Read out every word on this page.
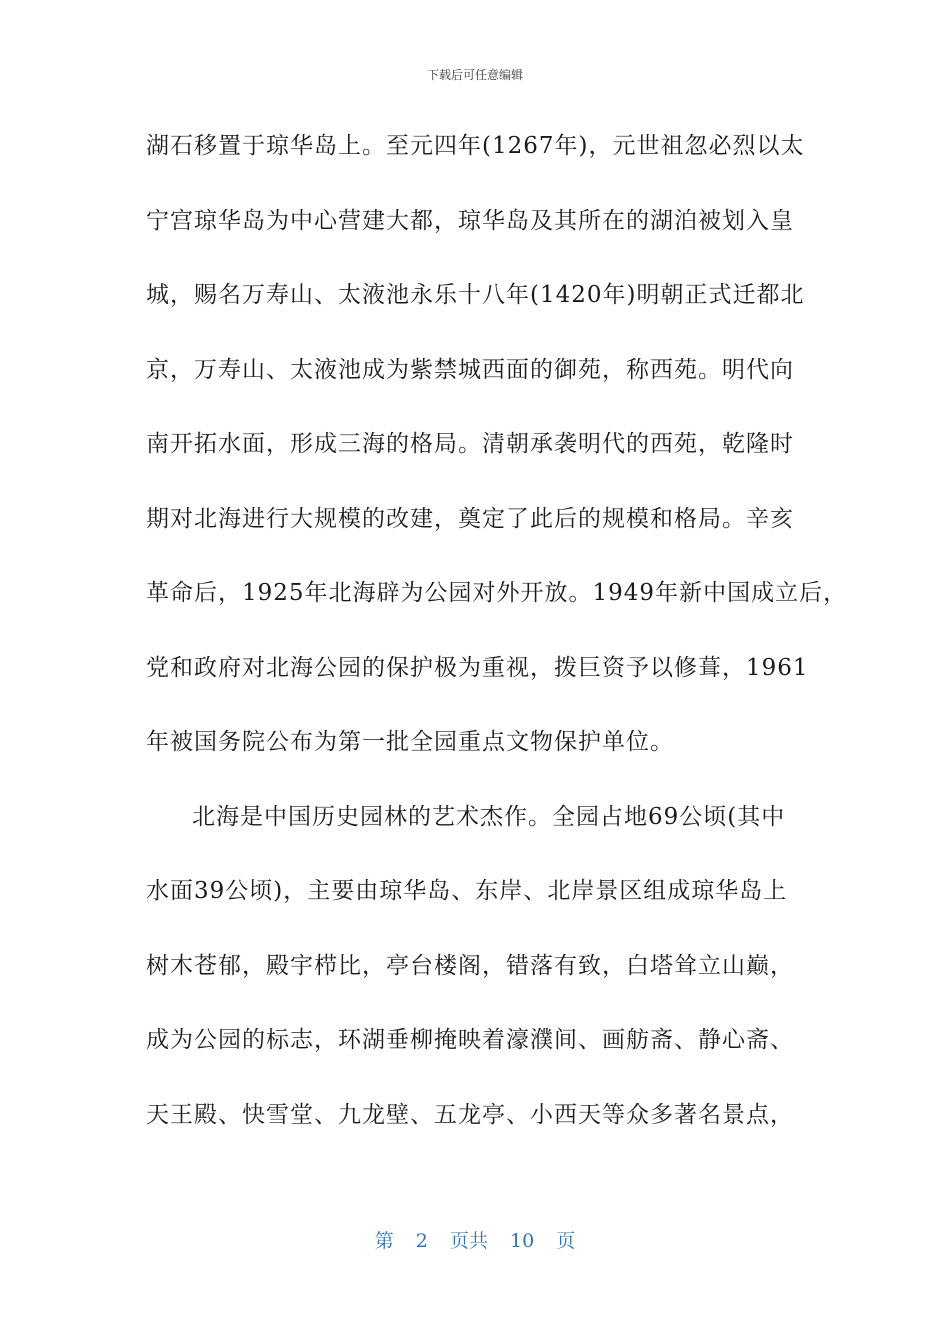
下载后可任意编辑
湖石移置于琼华岛上。至元四年(1267年)，元世祖忽必烈以太
宁宫琼华岛为中心营建大都，琼华岛及其所在的湖泊被划入皇
城，赐名万寿山、太液池永乐十八年(1420年)明朝正式迁都北
京，万寿山、太液池成为紫禁城西面的御苑，称西苑。明代向
南开拓水面，形成三海的格局。清朝承袭明代的西苑，乾隆时
期对北海进行大规模的改建，奠定了此后的规模和格局。辛亥
革命后，1925年北海辟为公园对外开放。1949年新中国成立后，
党和政府对北海公园的保护极为重视，拨巨资予以修葺，1961
年被国务院公布为第一批全园重点文物保护单位。
北海是中国历史园林的艺术杰作。全园占地69公顷(其中
水面39公顷)，主要由琼华岛、东岸、北岸景区组成琼华岛上
树木苍郁，殿宇栉比，亭台楼阁，错落有致，白塔耸立山巅，
成为公园的标志，环湖垂柳掩映着濠濮间、画舫斋、静心斋、
天王殿、快雪堂、九龙壁、五龙亭、小西天等众多著名景点，
第 2 页共 10 页
